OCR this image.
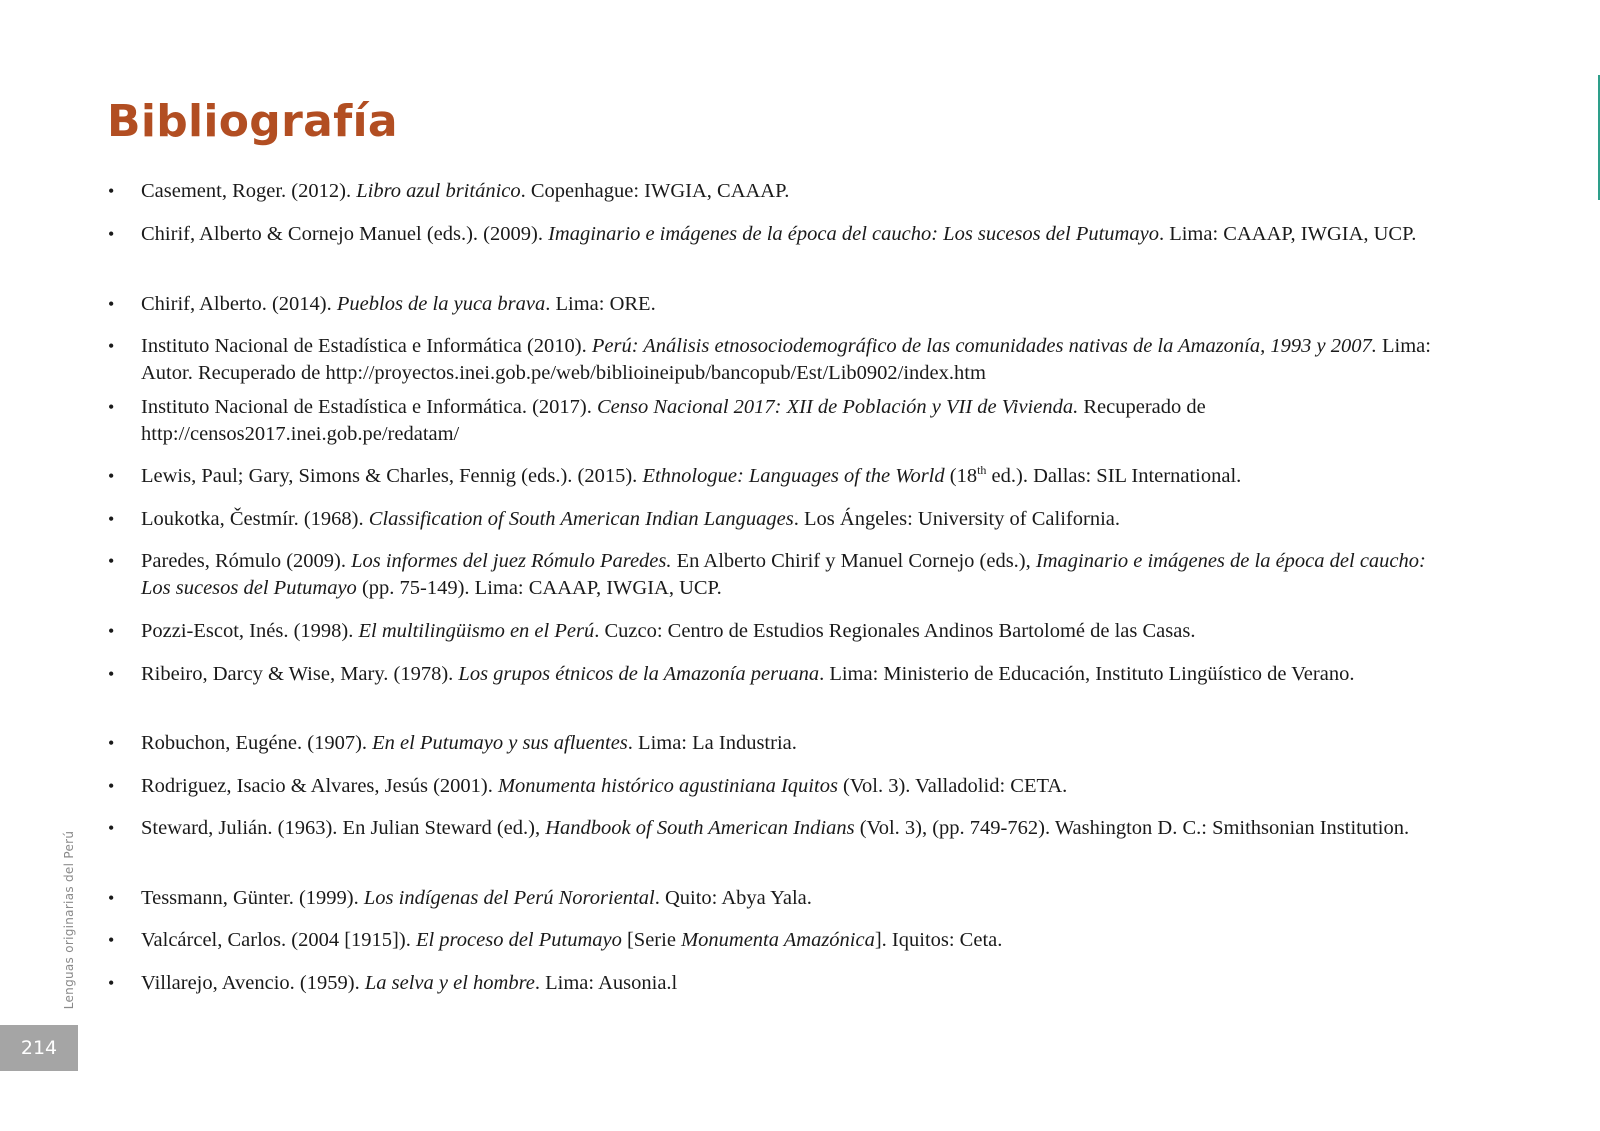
Bibliografía
• Casement, Roger. (2012). Libro azul británico. Copenhague: IWGIA, CAAAP.
• Chirif, Alberto & Cornejo Manuel (eds.). (2009). Imaginario e imágenes de la época del caucho: Los sucesos del Putumayo. Lima: CAAAP, IWGIA, UCP.
• Chirif, Alberto. (2014). Pueblos de la yuca brava. Lima: ORE.
• Instituto Nacional de Estadística e Informática (2010). Perú: Análisis etnosociodemográfico de las comunidades nativas de la Amazonía, 1993 y 2007. Lima: Autor. Recuperado de http://proyectos.inei.gob.pe/web/biblioineipub/bancopub/Est/Lib0902/index.htm
• Instituto Nacional de Estadística e Informática. (2017). Censo Nacional 2017: XII de Población y VII de Vivienda. Recuperado de http://censos2017.inei.gob.pe/redatam/
• Lewis, Paul; Gary, Simons & Charles, Fennig (eds.). (2015). Ethnologue: Languages of the World (18th ed.). Dallas: SIL International.
• Loukotka, Čestmír. (1968). Classification of South American Indian Languages. Los Ángeles: University of California.
• Paredes, Rómulo (2009). Los informes del juez Rómulo Paredes. En Alberto Chirif y Manuel Cornejo (eds.), Imaginario e imágenes de la época del caucho: Los sucesos del Putumayo (pp. 75-149). Lima: CAAAP, IWGIA, UCP.
• Pozzi-Escot, Inés. (1998). El multilingüismo en el Perú. Cuzco: Centro de Estudios Regionales Andinos Bartolomé de las Casas.
• Ribeiro, Darcy & Wise, Mary. (1978). Los grupos étnicos de la Amazonía peruana. Lima: Ministerio de Educación, Instituto Lingüístico de Verano.
• Robuchon, Eugéne. (1907). En el Putumayo y sus afluentes. Lima: La Industria.
• Rodriguez, Isacio & Alvares, Jesús (2001). Monumenta histórico agustiniana Iquitos (Vol. 3). Valladolid: CETA.
• Steward, Julián. (1963). En Julian Steward (ed.), Handbook of South American Indians (Vol. 3), (pp. 749-762). Washington D. C.: Smithsonian Institution.
• Tessmann, Günter. (1999). Los indígenas del Perú Nororiental. Quito: Abya Yala.
• Valcárcel, Carlos. (2004 [1915]). El proceso del Putumayo [Serie Monumenta Amazónica]. Iquitos: Ceta.
• Villarejo, Avencio. (1959). La selva y el hombre. Lima: Ausonia.l
Lenguas originarias del Perú
214
